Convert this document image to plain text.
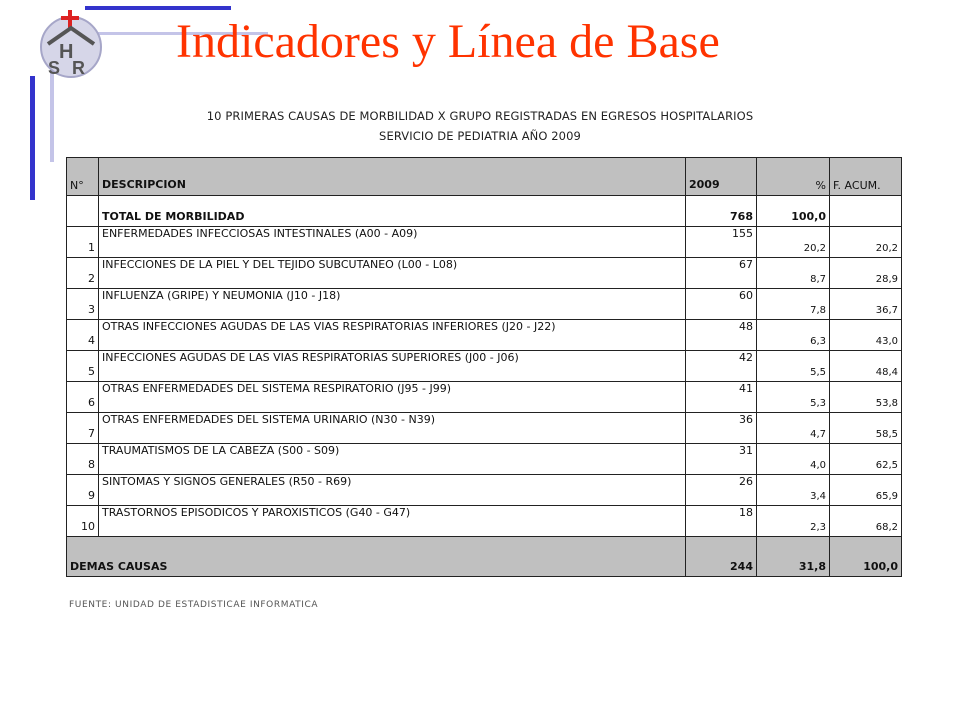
H
S R Indicadores y Línea de Base
10 PRIMERAS CAUSAS DE MORBILIDAD X GRUPO REGISTRADAS EN EGRESOS HOSPITALARIOS
SERVICIO DE PEDIATRIA AÑO 2009
N°	DESCRIPCION	2009	%	F. ACUM.
	TOTAL DE MORBILIDAD	768	100,0	
1	ENFERMEDADES INFECCIOSAS INTESTINALES (A00 - A09)	155	20,2	20,2
2	INFECCIONES DE LA PIEL Y DEL TEJIDO SUBCUTANEO (L00 - L08)	67	8,7	28,9
3	INFLUENZA (GRIPE) Y NEUMONIA (J10 - J18)	60	7,8	36,7
4	OTRAS INFECCIONES AGUDAS DE LAS VIAS RESPIRATORIAS INFERIORES (J20 - J22)	48	6,3	43,0
5	INFECCIONES AGUDAS DE LAS VIAS RESPIRATORIAS SUPERIORES (J00 - J06)	42	5,5	48,4
6	OTRAS ENFERMEDADES DEL SISTEMA RESPIRATORIO (J95 - J99)	41	5,3	53,8
7	OTRAS ENFERMEDADES DEL SISTEMA URINARIO (N30 - N39)	36	4,7	58,5
8	TRAUMATISMOS DE LA CABEZA (S00 - S09)	31	4,0	62,5
9	SINTOMAS Y SIGNOS GENERALES (R50 - R69)	26	3,4	65,9
10	TRASTORNOS EPISODICOS Y PAROXISTICOS (G40 - G47)	18	2,3	68,2
DEMAS CAUSAS		244	31,8	100,0
FUENTE: UNIDAD DE ESTADISTICAE INFORMATICA
